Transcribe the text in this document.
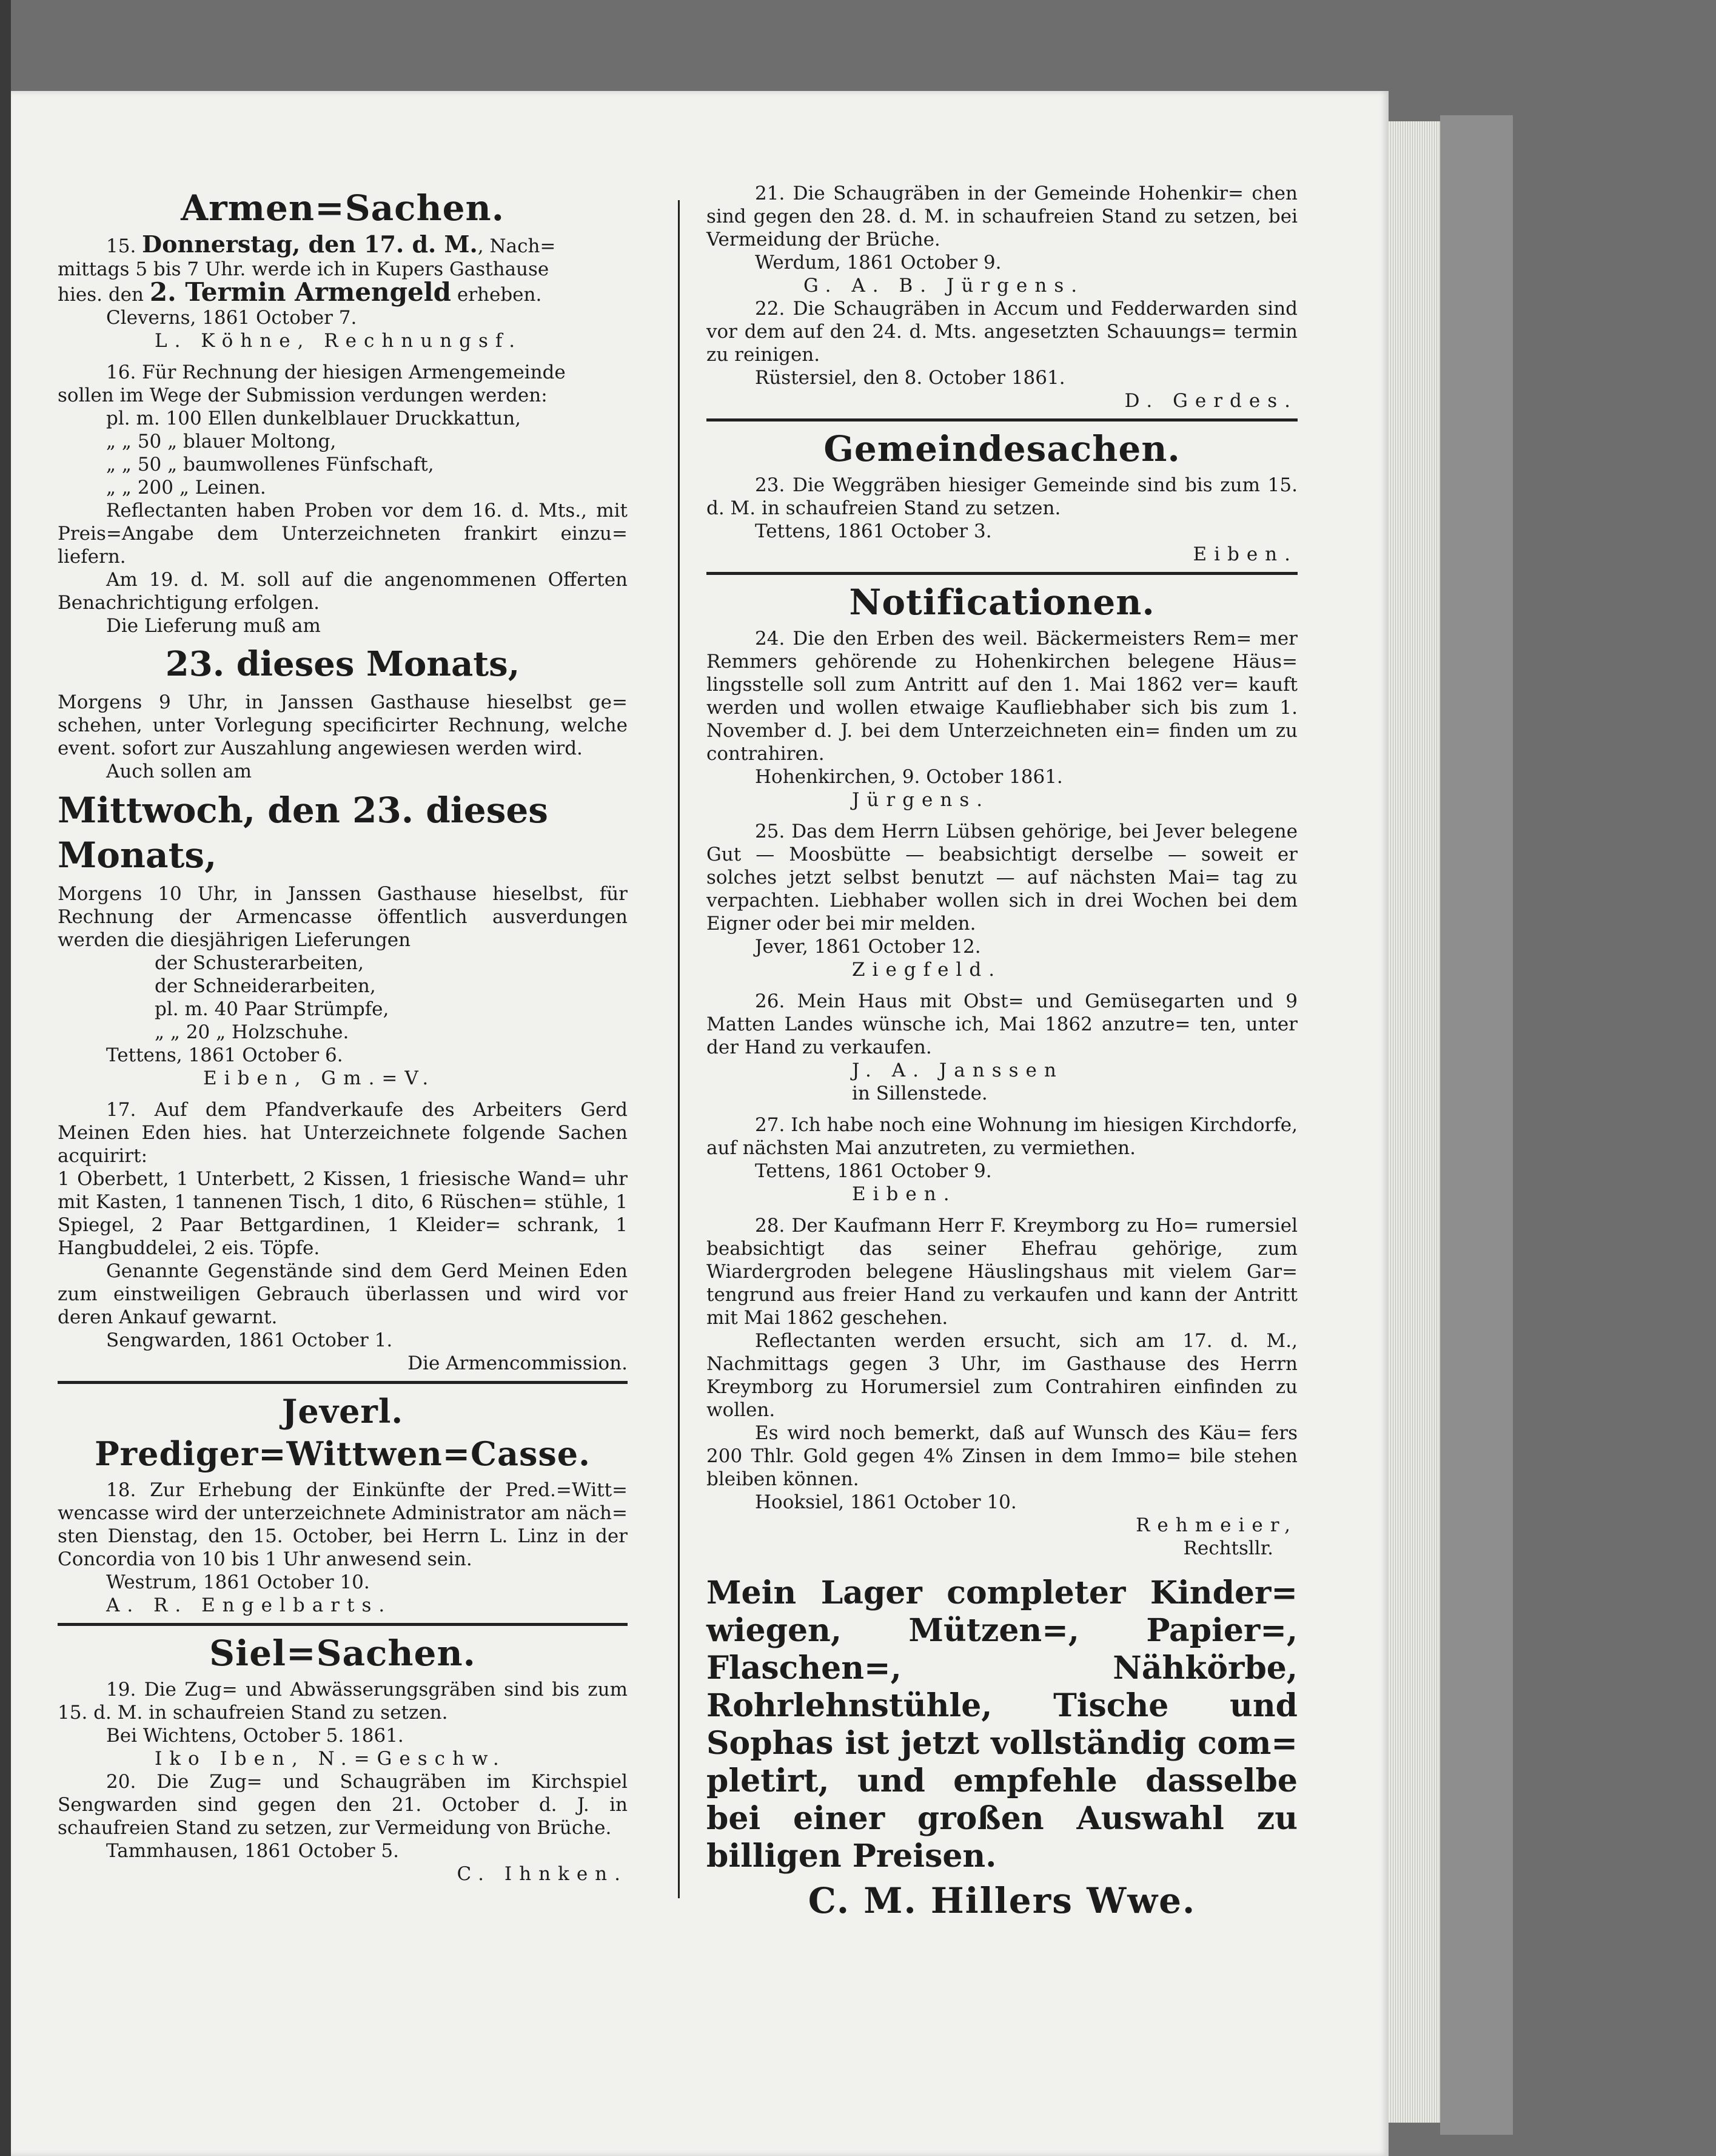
Armen=Sachen.

15. Donnerstag, den 17. d. M., Nach=

mittags 5 bis 7 Uhr. werde ich in Kupers Gasthause

hies. den 2. Termin Armengeld erheben.

Cleverns, 1861 October 7.

L. Köhne, Rechnungsf.

16. Für Rechnung der hiesigen Armengemeinde

sollen im Wege der Submission verdungen werden:

pl. m. 100 Ellen dunkelblauer Druckkattun,

„ „ 50 „ blauer Moltong,

„ „ 50 „ baumwollenes Fünfschaft,

„ „ 200 „ Leinen.

Reflectanten haben Proben vor dem 16. d. Mts., mit Preis=Angabe dem Unterzeichneten frankirt einzu= liefern.

Am 19. d. M. soll auf die angenommenen Offerten Benachrichtigung erfolgen.

Die Lieferung muß am

23. dieses Monats,

Morgens 9 Uhr, in Janssen Gasthause hieselbst ge= schehen, unter Vorlegung specificirter Rechnung, welche event. sofort zur Auszahlung angewiesen werden wird.

Auch sollen am

Mittwoch, den 23. dieses Monats,

Morgens 10 Uhr, in Janssen Gasthause hieselbst, für Rechnung der Armencasse öffentlich ausverdungen werden die diesjährigen Lieferungen

der Schusterarbeiten,

der Schneiderarbeiten,

pl. m. 40 Paar Strümpfe,

„ „ 20 „ Holzschuhe.

Tettens, 1861 October 6.

Eiben, Gm.=V.

17. Auf dem Pfandverkaufe des Arbeiters Gerd Meinen Eden hies. hat Unterzeichnete folgende Sachen acquirirt:

1 Oberbett, 1 Unterbett, 2 Kissen, 1 friesische Wand= uhr mit Kasten, 1 tannenen Tisch, 1 dito, 6 Rüschen= stühle, 1 Spiegel, 2 Paar Bettgardinen, 1 Kleider= schrank, 1 Hangbuddelei, 2 eis. Töpfe.

Genannte Gegenstände sind dem Gerd Meinen Eden zum einstweiligen Gebrauch überlassen und wird vor deren Ankauf gewarnt.

Sengwarden, 1861 October 1.

Die Armencommission.

Jeverl. Prediger=Wittwen=Casse.

18. Zur Erhebung der Einkünfte der Pred.=Witt= wencasse wird der unterzeichnete Administrator am näch= sten Dienstag, den 15. October, bei Herrn L. Linz in der Concordia von 10 bis 1 Uhr anwesend sein.

Westrum, 1861 October 10.

A. R. Engelbarts.

Siel=Sachen.

19. Die Zug= und Abwässerungsgräben sind bis zum 15. d. M. in schaufreien Stand zu setzen.

Bei Wichtens, October 5. 1861.

Iko Iben, N.=Geschw.

20. Die Zug= und Schaugräben im Kirchspiel Sengwarden sind gegen den 21. October d. J. in schaufreien Stand zu setzen, zur Vermeidung von Brüche.

Tammhausen, 1861 October 5.

C. Ihnken.

21. Die Schaugräben in der Gemeinde Hohenkir= chen sind gegen den 28. d. M. in schaufreien Stand zu setzen, bei Vermeidung der Brüche.

Werdum, 1861 October 9.

G. A. B. Jürgens.

22. Die Schaugräben in Accum und Fedderwarden sind vor dem auf den 24. d. Mts. angesetzten Schauungs= termin zu reinigen.

Rüstersiel, den 8. October 1861.

D. Gerdes.

Gemeindesachen.

23. Die Weggräben hiesiger Gemeinde sind bis zum 15. d. M. in schaufreien Stand zu setzen.

Tettens, 1861 October 3.

Eiben.

Notificationen.

24. Die den Erben des weil. Bäckermeisters Rem= mer Remmers gehörende zu Hohenkirchen belegene Häus= lingsstelle soll zum Antritt auf den 1. Mai 1862 ver= kauft werden und wollen etwaige Kaufliebhaber sich bis zum 1. November d. J. bei dem Unterzeichneten ein= finden um zu contrahiren.

Hohenkirchen, 9. October 1861.

Jürgens.

25. Das dem Herrn Lübsen gehörige, bei Jever belegene Gut — Moosbütte — beabsichtigt derselbe — soweit er solches jetzt selbst benutzt — auf nächsten Mai= tag zu verpachten. Liebhaber wollen sich in drei Wochen bei dem Eigner oder bei mir melden.

Jever, 1861 October 12.

Ziegfeld.

26. Mein Haus mit Obst= und Gemüsegarten und 9 Matten Landes wünsche ich, Mai 1862 anzutre= ten, unter der Hand zu verkaufen.

J. A. Janssen

in Sillenstede.

27. Ich habe noch eine Wohnung im hiesigen Kirchdorfe, auf nächsten Mai anzutreten, zu vermiethen.

Tettens, 1861 October 9.

Eiben.

28. Der Kaufmann Herr F. Kreymborg zu Ho= rumersiel beabsichtigt das seiner Ehefrau gehörige, zum Wiardergroden belegene Häuslingshaus mit vielem Gar= tengrund aus freier Hand zu verkaufen und kann der Antritt mit Mai 1862 geschehen.

Reflectanten werden ersucht, sich am 17. d. M., Nachmittags gegen 3 Uhr, im Gasthause des Herrn Kreymborg zu Horumersiel zum Contrahiren einfinden zu wollen.

Es wird noch bemerkt, daß auf Wunsch des Käu= fers 200 Thlr. Gold gegen 4% Zinsen in dem Immo= bile stehen bleiben können.

Hooksiel, 1861 October 10.

Rehmeier,

Rechtsllr.

Mein Lager completer Kinder= wiegen, Mützen=, Papier=, Flaschen=, Nähkörbe, Rohrlehnstühle, Tische und Sophas ist jetzt vollständig com= pletirt, und empfehle dasselbe bei einer großen Auswahl zu billigen Preisen.

C. M. Hillers Wwe.
